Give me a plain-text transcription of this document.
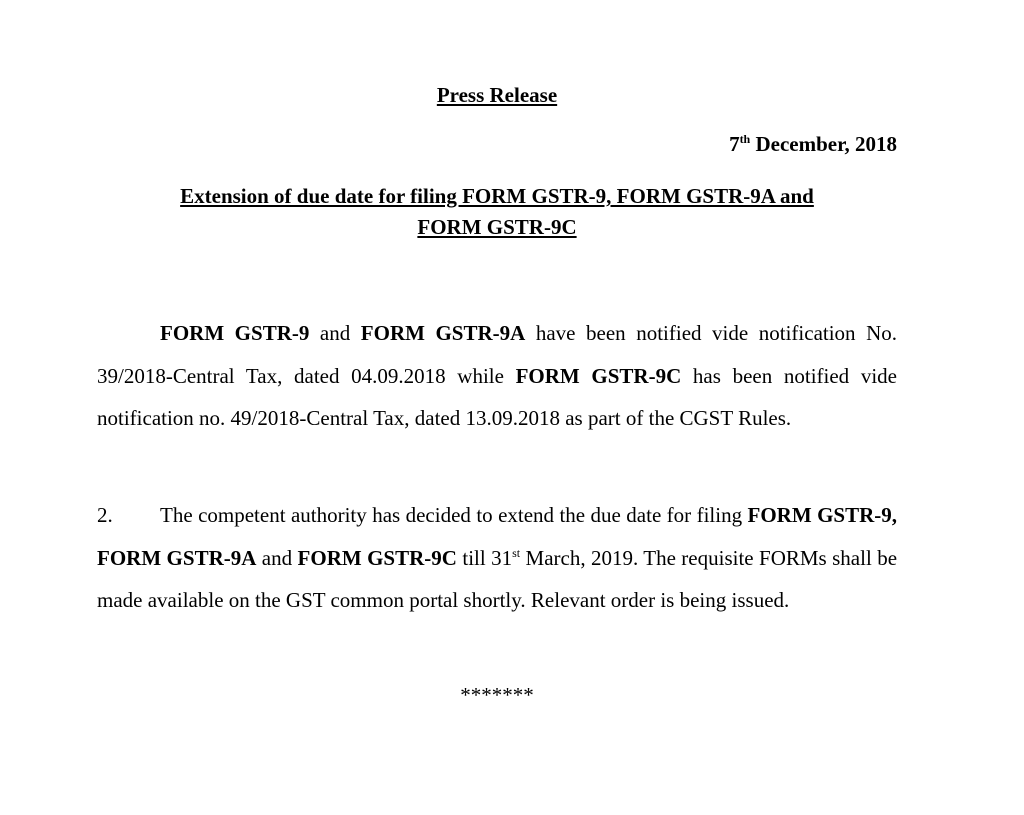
Press Release
7th December, 2018
Extension of due date for filing FORM GSTR-9, FORM GSTR-9A and
FORM GSTR-9C
FORM GSTR-9 and FORM GSTR-9A have been notified vide notification No. 39/2018-Central Tax, dated 04.09.2018 while FORM GSTR-9C has been notified vide notification no. 49/2018-Central Tax, dated 13.09.2018 as part of the CGST Rules.
2. The competent authority has decided to extend the due date for filing FORM GSTR-9, FORM GSTR-9A and FORM GSTR-9C till 31st March, 2019. The requisite FORMs shall be made available on the GST common portal shortly. Relevant order is being issued.
*******
